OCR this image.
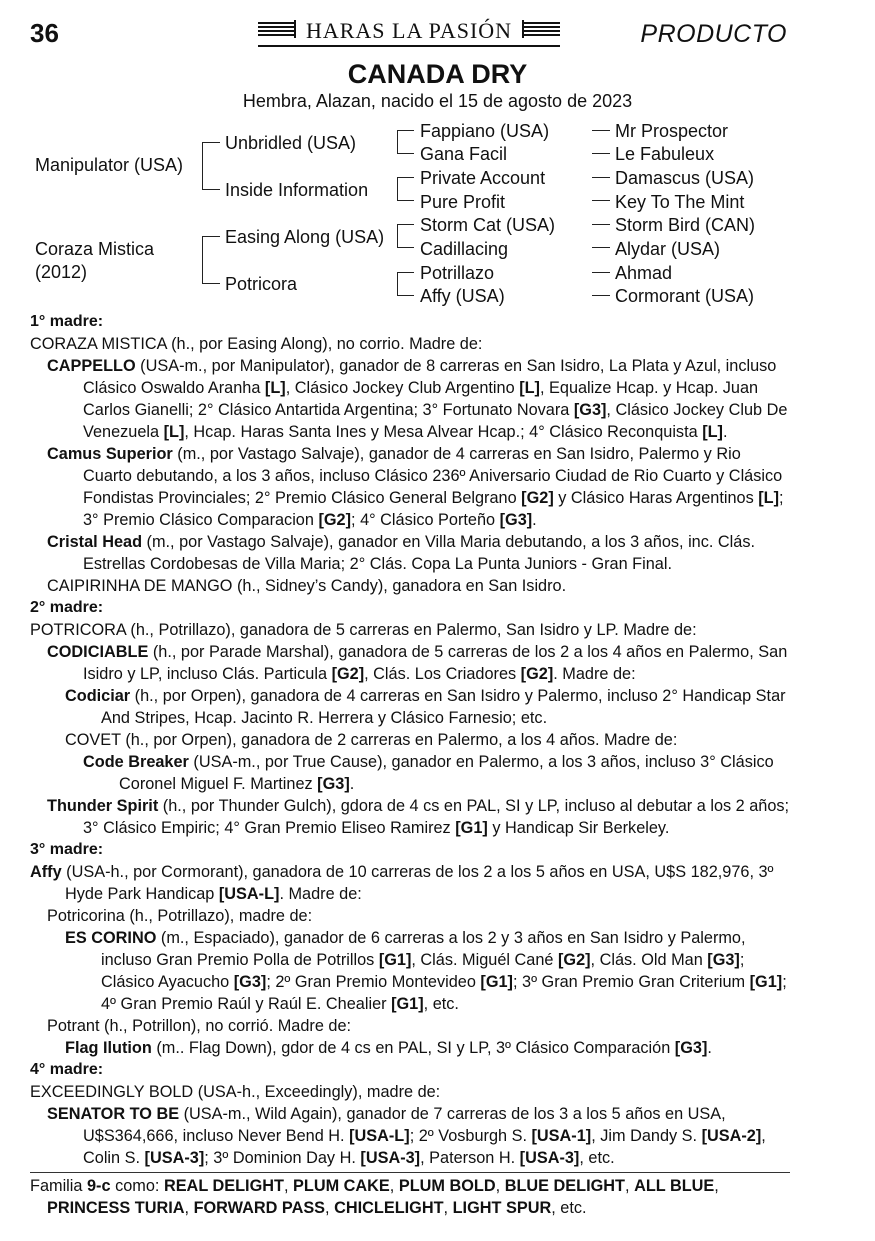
36	HARAS LA PASIÓN	PRODUCTO
CANADA DRY
Hembra, Alazan, nacido el 15 de agosto de 2023
Manipulator (USA)
Coraza Mistica
(2012)
Unbridled (USA)
Inside Information
Easing Along (USA)
Potricora
Fappiano (USA)
Gana Facil
Private Account
Pure Profit
Storm Cat (USA)
Cadillacing
Potrillazo
Affy (USA)
Mr Prospector
Le Fabuleux
Damascus (USA)
Key To The Mint
Storm Bird (CAN)
Alydar (USA)
Ahmad
Cormorant (USA)

1° madre:

CORAZA MISTICA (h., por Easing Along), no corrio. Madre de:

CAPPELLO (USA-m., por Manipulator), ganador de 8 carreras en San Isidro, La Plata y Azul, incluso Clásico Oswaldo Aranha [L], Clásico Jockey Club Argentino [L], Equalize Hcap. y Hcap. Juan Carlos Gianelli; 2° Clásico Antartida Argentina; 3° Fortunato Novara [G3], Clásico Jockey Club De Venezuela [L], Hcap. Haras Santa Ines y Mesa Alvear Hcap.; 4° Clásico Reconquista [L].

Camus Superior (m., por Vastago Salvaje), ganador de 4 carreras en San Isidro, Palermo y Rio Cuarto debutando, a los 3 años, incluso Clásico 236º Aniversario Ciudad de Rio Cuarto y Clásico Fondistas Provinciales; 2° Premio Clásico General Belgrano [G2] y Clásico Haras Argentinos [L]; 3° Premio Clásico Comparacion [G2]; 4° Clásico Porteño [G3].

Cristal Head (m., por Vastago Salvaje), ganador en Villa Maria debutando, a los 3 años, inc. Clás. Estrellas Cordobesas de Villa Maria; 2° Clás. Copa La Punta Juniors - Gran Final.

CAIPIRINHA DE MANGO (h., Sidney’s Candy), ganadora en San Isidro.

2° madre:

POTRICORA (h., Potrillazo), ganadora de 5 carreras en Palermo, San Isidro y LP. Madre de:

CODICIABLE (h., por Parade Marshal), ganadora de 5 carreras de los 2 a los 4 años en Palermo, San Isidro y LP, incluso Clás. Particula [G2], Clás. Los Criadores [G2]. Madre de:

Codiciar (h., por Orpen), ganadora de 4 carreras en San Isidro y Palermo, incluso 2° Handicap Star And Stripes, Hcap. Jacinto R. Herrera y Clásico Farnesio; etc.

COVET (h., por Orpen), ganadora de 2 carreras en Palermo, a los 4 años. Madre de:

Code Breaker (USA-m., por True Cause), ganador en Palermo, a los 3 años, incluso 3° Clásico Coronel Miguel F. Martinez [G3].

Thunder Spirit (h., por Thunder Gulch), gdora de 4 cs en PAL, SI y LP, incluso al debutar a los 2 años; 3° Clásico Empiric; 4° Gran Premio Eliseo Ramirez [G1] y Handicap Sir Berkeley.

3° madre:

Affy (USA-h., por Cormorant), ganadora de 10 carreras de los 2 a los 5 años en USA, U$S 182,976, 3º Hyde Park Handicap [USA-L]. Madre de:

Potricorina (h., Potrillazo), madre de:

ES CORINO (m., Espaciado), ganador de 6 carreras a los 2 y 3 años en San Isidro y Palermo, incluso Gran Premio Polla de Potrillos [G1], Clás. Miguél Cané [G2], Clás. Old Man [G3]; Clásico Ayacucho [G3]; 2º Gran Premio Montevideo [G1]; 3º Gran Premio Gran Criterium [G1]; 4º Gran Premio Raúl y Raúl E. Chealier [G1], etc.

Potrant (h., Potrillon), no corrió. Madre de:

Flag Ilution (m.. Flag Down), gdor de 4 cs en PAL, SI y LP, 3º Clásico Comparación [G3].

4° madre:

EXCEEDINGLY BOLD (USA-h., Exceedingly), madre de:

SENATOR TO BE (USA-m., Wild Again), ganador de 7 carreras de los 3 a los 5 años en USA, U$S364,666, incluso Never Bend H. [USA-L]; 2º Vosburgh S. [USA-1], Jim Dandy S. [USA-2], Colin S. [USA-3]; 3º Dominion Day H. [USA-3], Paterson H. [USA-3], etc.

Familia 9-c como: REAL DELIGHT, PLUM CAKE, PLUM BOLD, BLUE DELIGHT, ALL BLUE, PRINCESS TURIA, FORWARD PASS, CHICLELIGHT, LIGHT SPUR, etc.
